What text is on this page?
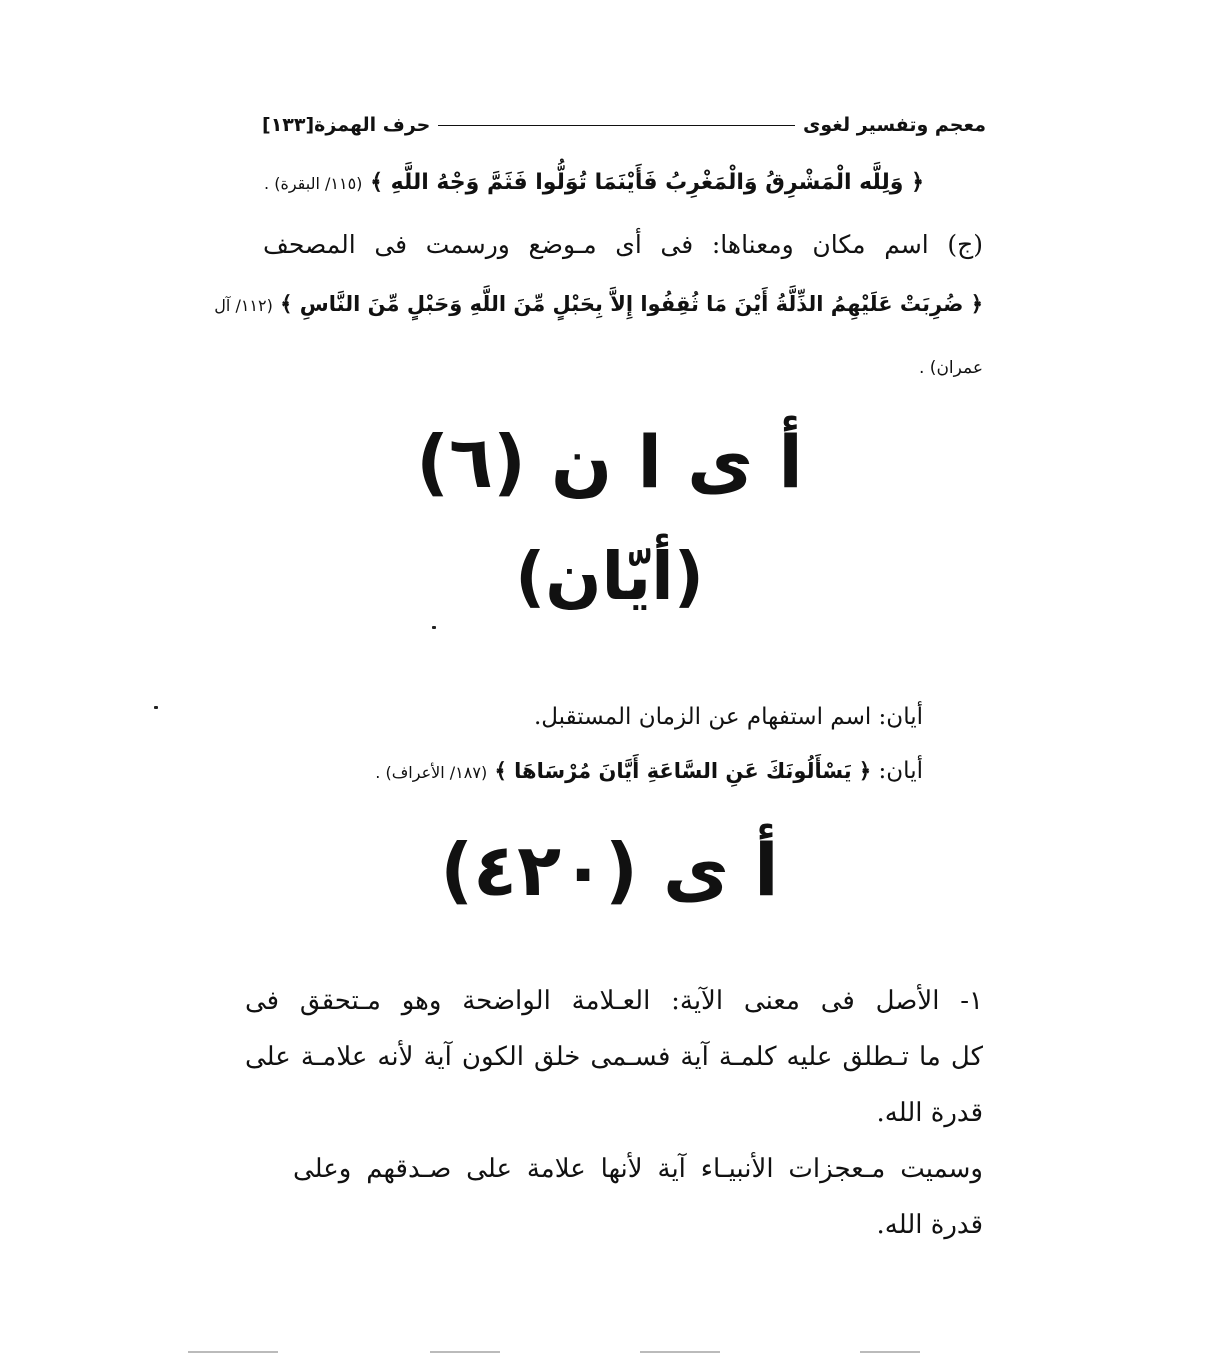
معجم وتفسير لغوى
حرف الهمزة[١٣٣]
﴿ وَلِلَّه الْمَشْرِقُ وَالْمَغْرِبُ فَأَيْنَمَا تُوَلُّوا فَثَمَّ وَجْهُ اللَّهِ ﴾ (١١٥/ البقرة) .
(ج) اسم مكان ومعناها: فى أى مـوضع ورسمت فى المصحف
﴿ ضُرِبَتْ عَلَيْهِمُ الذِّلَّةُ أَيْنَ مَا ثُقِفُوا إِلاَّ بِحَبْلٍ مِّنَ اللَّهِ وَحَبْلٍ مِّنَ النَّاسِ ﴾ (١١٢/ آل
عمران) .
أ ى ا ن (٦)
(أيّان)
أيان: اسم استفهام عن الزمان المستقبل.
أيان: ﴿ يَسْأَلُونَكَ عَنِ السَّاعَةِ أَيَّانَ مُرْسَاهَا ﴾ (١٨٧/ الأعراف) .
أ ى (٤٢٠)
١- الأصل فى معنى الآية: العـلامة الواضحة وهو مـتحقق فى
كل ما تـطلق عليه كلمـة آية فسـمى خلق الكون آية لأنه علامـة على
قدرة الله.
وسميت مـعجزات الأنبيـاء آية لأنها علامة على صـدقهم وعلى
قدرة الله.
